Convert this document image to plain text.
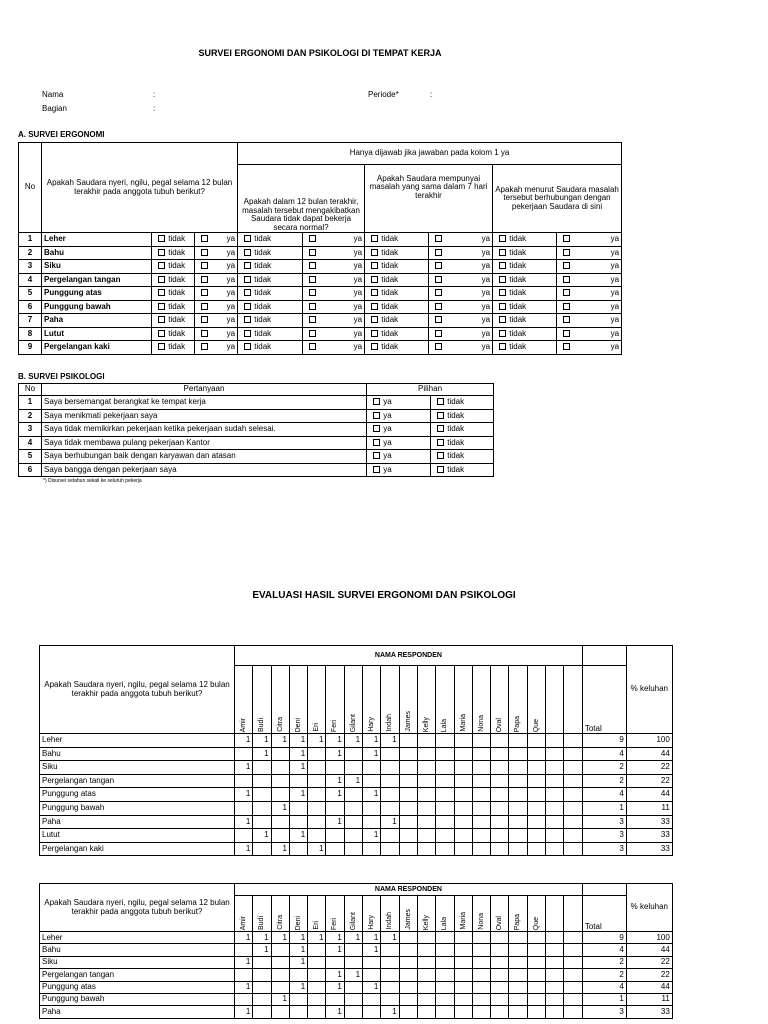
SURVEI ERGONOMI DAN PSIKOLOGI DI TEMPAT KERJA
Nama	:
Bagian	:
Periode*	:
A. SURVEI ERGONOMI
No	Apakah Saudara nyeri, ngilu, pegal selama 12 bulan terakhir pada anggota tubuh berikut?			Hanya dijawab jika jawaban pada kolom 1 ya					
				Apakah dalam 12 bulan terakhir, masalah tersebut mengakibatkan Saudara tidak dapat bekerja secara normal?		Apakah Saudara mempunyai masalah yang sama dalam 7 hari terakhir		Apakah menurut Saudara masalah tersebut berhubungan dengan pekerjaan Saudara di sini	
1	Leher	tidak	ya	tidak	ya	tidak	ya	tidak	ya

2	Bahu	tidak	ya	tidak	ya	tidak	ya	tidak	ya

3	Siku	tidak	ya	tidak	ya	tidak	ya	tidak	ya

4	Pergelangan tangan	tidak	ya	tidak	ya	tidak	ya	tidak	ya

5	Punggung atas	tidak	ya	tidak	ya	tidak	ya	tidak	ya

6	Punggung bawah	tidak	ya	tidak	ya	tidak	ya	tidak	ya

7	Paha	tidak	ya	tidak	ya	tidak	ya	tidak	ya

8	Lutut	tidak	ya	tidak	ya	tidak	ya	tidak	ya

9	Pergelangan kaki	tidak	ya	tidak	ya	tidak	ya	tidak	ya
B. SURVEI PSIKOLOGI
No	Pertanyaan	Pilihan	
1	Saya bersemangat berangkat ke tempat kerja	ya	tidak
2	Saya menikmati pekerjaan saya	ya	tidak
3	Saya tidak memikirkan pekerjaan ketika pekerjaan sudah selesai.	ya	tidak
4	Saya tidak membawa pulang pekerjaan Kantor	ya	tidak
5	Saya berhubungan baik dengan karyawan dan atasan	ya	tidak
6	Saya bangga dengan pekerjaan saya	ya	tidak
*) Disurvei setahun sekali ke seluruh pekerja
EVALUASI HASIL SURVEI ERGONOMI DAN PSIKOLOGI
Apakah Saudara nyeri, ngilu, pegal selama 12 bulan terakhir pada anggota tubuh berikut?	NAMA RESPONDEN																				% keluhan

	Amir	Budi	Citra	Deni	Eri	Feri	Gilant	Hary	Indah	James	Kelly	Lala	Maria	Nona	Oval	Papa	Que			Total	
Leher	1	1	1	1	1	1	1	1	1											9	100
Bahu		1		1		1		1												4	44
Siku	1			1																2	22
Pergelangan tangan						1	1													2	22
Punggung atas	1			1		1		1												4	44
Punggung bawah			1																	1	11
Paha	1					1			1											3	33
Lutut		1		1				1												3	33
Pergelangan kaki	1		1		1															3	33
Apakah Saudara nyeri, ngilu, pegal selama 12 bulan terakhir pada anggota tubuh berikut?	NAMA RESPONDEN																				% keluhan

	Amir	Budi	Citra	Deni	Eri	Feri	Gilant	Hary	Indah	James	Kelly	Lala	Maria	Nona	Oval	Papa	Que			Total	
Leher	1	1	1	1	1	1	1	1	1											9	100
Bahu		1		1		1		1												4	44
Siku	1			1																2	22
Pergelangan tangan						1	1													2	22
Punggung atas	1			1		1		1												4	44
Punggung bawah			1																	1	11
Paha	1					1			1											3	33
